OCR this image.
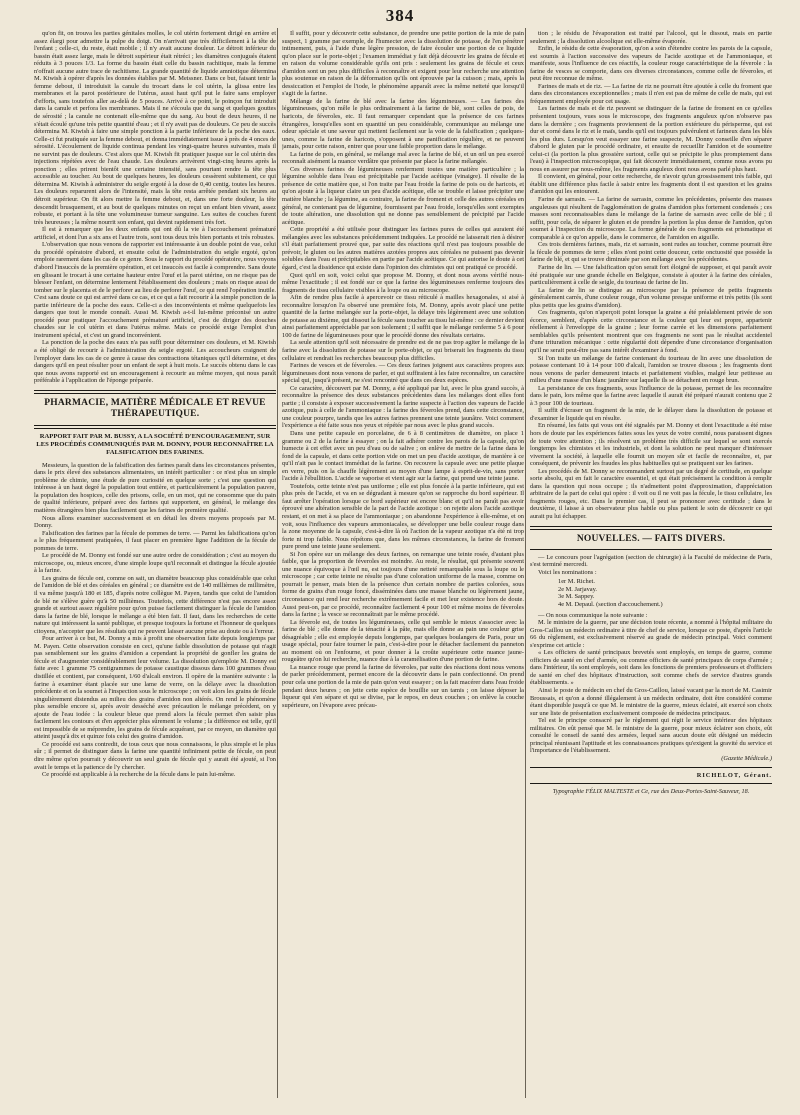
384

qu'on fit, on trouva les parties génitales molles, le col utérin fortement dirigé en arrière et assez élargi pour admettre la pulpe du doigt. On n'arrivait que très difficilement à la tête de l'enfant ; celle-ci, du reste, était mobile ; il n'y avait aucune douleur. Le détroit inférieur du bassin était assez large, mais le détroit supérieur était rétréci ; les diamètres conjugués étaient réduits à 3 pouces 1/3. La forme du bassin était celle du bassin rachitique, mais la femme n'offrait aucune autre trace de rachitisme. La grande quantité de liquide amniotique détermina M. Kiwish à opérer d'après les données établies par M. Meissner. Dans ce but, faisant tenir la femme debout, il introduisit la canule du trocart dans le col utérin, la glissa entre les membranes et la paroi postérieure de l'utérus, aussi haut qu'il put le faire sans employer d'efforts, sans toutefois aller au-delà de 5 pouces. Arrivé à ce point, le poinçon fut introduit dans la canule et perfora les membranes. Mais il ne s'écoula que du sang et quelques gouttes de sérosité ; la canule ne contenait elle-même que du sang. Au bout de deux heures, il ne s'était écoulé qu'une très petite quantité d'eau ; et il n'y avait pas de douleurs. Ce peu de succès détermina M. Kiwish à faire une simple ponction à la partie inférieure de la poche des eaux. Celle-ci fut pratiquée sur la femme debout, et donna immédiatement issue à près de 4 onces de sérosité. L'écoulement de liquide continua pendant les vingt-quatre heures suivantes, mais il ne survint pas de douleurs. C'est alors que M. Kiwish fit pratiquer jusque sur le col utérin des injections répétées avec de l'eau chaude. Les douleurs arrivèrent vingt-cinq heures après la ponction ; elles prirent bientôt une certaine intensité, sans pourtant rendre la tête plus accessible au toucher. Au bout de quelques heures, les douleurs cessèrent subitement, ce qui détermina M. Kiwish à administrer du seigle ergoté à la dose de 0,40 centig. toutes les heures. Les douleurs reparurent alors de l'intensité, mais la tête resta arrêtée pendant six heures au détroit supérieur. On fit alors mettre la femme debout, et, dans une forte douleur, la tête descendit brusquement, et au bout de quelques minutes on reçut un enfant bien vivant, assez robuste, et portant à la tête une volumineuse tumeur sanguine. Les suites de couches furent très heureuses ; la même nourrit son enfant, qui devint rapidement très fort.

Il est à remarquer que les deux enfants qui ont dû la vie à l'accouchement prématuré artificiel, et dont l'un a six ans et l'autre trois, sont tous deux très bien portants et très robustes.

L'observation que nous venons de rapporter est intéressante à un double point de vue, celui du procédé opératoire d'abord, et ensuite celui de l'administration du seigle ergoté, qu'on emploie rarement dans les cas de ce genre. Sous le rapport du procédé opératoire, nous voyons d'abord l'insuccès de la première opération, et cet insuccès est facile à comprendre. Sans doute en glissant le trocart à une certaine hauteur entre l'œuf et la paroi utérine, on ne risque pas de blesser l'enfant, on détermine lentement l'établissement des douleurs ; mais on risque aussi de tomber sur le placenta et de le perforer au lieu de perforer l'œuf, ce qui rend l'opération inutile. C'est sans doute ce qui est arrivé dans ce cas, et ce qui a fait recourir à la simple ponction de la partie inférieure de la poche des eaux. Celle-ci a des inconvénients et même quelquefois les dangers que tout le monde connaît. Aussi M. Kiwish a-t-il lui-même préconisé un autre procédé pour pratiquer l'accouchement prématuré artificiel, c'est de diriger des douches chaudes sur le col utérin et dans l'utérus même. Mais ce procédé exige l'emploi d'un instrument spécial, et c'est un grand inconvénient.

La ponction de la poche des eaux n'a pas suffi pour déterminer ces douleurs, et M. Kiwish a été obligé de recourir à l'administration du seigle ergoté. Les accoucheurs craignent de l'employer dans les cas de ce genre à cause des contractions tétaniques qu'il détermine, et des dangers qu'il en peut résulter pour un enfant de sept à huit mois. Le succès obtenu dans le cas que nous avons rapporté est un encouragement à recourir au même moyen, qui nous paraît préférable à l'application de l'éponge préparée.

PHARMACIE, MATIÈRE MÉDICALE ET REVUE THÉRAPEUTIQUE.
RAPPORT FAIT PAR M. BUSSY, A LA SOCIÉTÉ D'ENCOURAGEMENT, SUR LES PROCÉDÉS COMMUNIQUÉS PAR M. DONNY, POUR RECONNAÎTRE LA FALSIFICATION DES FARINES.

Messieurs, la question de la falsification des farines paraît dans les circonstances présentes, dans le prix élevé des substances alimentaires, un intérêt particulier : ce n'est plus un simple problème de chimie, une étude de pure curiosité en quelque sorte ; c'est une question qui intéresse à un haut degré la population tout entière, et particulièrement la population pauvre, la population des hospices, celle des prisons, celle, en un mot, qui ne consomme que du pain de qualité inférieure, préparé avec des farines qui supportent, en général, le mélange des matières étrangères bien plus facilement que les farines de première qualité.

Nous allons examiner successivement et en détail les divers moyens proposés par M. Donny.

Falsification des farines par la fécule de pommes de terre. — Parmi les falsifications qu'on a le plus fréquemment pratiquées, il faut placer en première ligne l'addition de la fécule de pommes de terre.

Le procédé de M. Donny est fondé sur une autre ordre de considération ; c'est au moyen du microscope, ou, mieux encore, d'une simple loupe qu'il reconnaît et distingue la fécule ajoutée à la farine.

Les grains de fécule ont, comme on sait, un diamètre beaucoup plus considérable que celui de l'amidon de blé et des céréales en général ; ce diamètre est de 140 millièmes de millimètre, il va même jusqu'à 180 et 185, d'après notre collègue M. Payen, tandis que celui de l'amidon de blé ne s'élève guère qu'à 50 millièmes. Toutefois, cette différence n'est pas encore assez grande et surtout assez régulière pour qu'on puisse facilement distinguer la fécule de l'amidon dans la farine de blé, lorsque le mélange a été bien fait. Il faut, dans les recherches de cette nature qui intéressent la santé publique, et presque toujours la fortune et l'honneur de quelques citoyens, n'accepter que les résultats qui ne peuvent laisser aucune prise au doute ou à l'erreur.

Pour arriver à ce but, M. Donny a mis à profit une observation faite depuis longtemps par M. Payen. Cette observation consiste en ceci, qu'une faible dissolution de potasse qui n'agit pas sensiblement sur les grains d'amidon a cependant la propriété de gonfler les grains de fécule et d'augmenter considérablement leur volume. La dissolution qu'emploie M. Donny est faite avec 1 gramme 75 centigrammes de potasse caustique dissous dans 100 grammes d'eau distillée et contient, par conséquent, 1/60 d'alcali environ. Il opère de la manière suivante : la farine à examiner étant placée sur une lame de verre, on la délaye avec la dissolution précédente et on la soumet à l'inspection sous le microscope ; on voit alors les grains de fécule singulièrement distendus au milieu des grains d'amidon non altérés. On rend le phénomène plus sensible encore si, après avoir desséché avec précaution le mélange précédent, on y ajoute de l'eau iodée : la couleur bleue que prend alors la fécule permet d'en saisir plus facilement les contours et d'en apprécier plus sûrement le volume ; la différence est telle, qu'il est impossible de se méprendre, les grains de fécule acquérant, par ce moyen, un diamètre qui atteint jusqu'à dix et quinze fois celui des grains d'amidon.

Ce procédé est sans contredit, de tous ceux que nous connaissons, le plus simple et le plus sûr ; il permet de distinguer dans la farine une quantité infiniment petite de fécule, on peut dire même qu'on pourrait y découvrir un seul grain de fécule qui y aurait été ajouté, si l'on avait le temps et la patience de l'y chercher.

Ce procédé est applicable à la recherche de la fécule dans le pain lui-même.

Il suffit, pour y découvrir cette substance, de prendre une petite portion de la mie de pain suspect, 1 gramme par exemple, de l'humecter avec la dissolution de potasse, de l'en pénétrer intimement, puis, à l'aide d'une légère pression, de faire écouler une portion de ce liquide qu'on place sur le porte-objet ; l'examen immédiat y fait déjà découvrir les grains de fécule et en raison du volume considérable qu'ils ont pris : seulement les grains de fécule et ceux d'amidon sont un peu plus difficiles à reconnaître et exigent pour leur recherche une attention plus soutenue en raison de la déformation qu'ils ont éprouvée par la cuisson ; mais, après la dessiccation et l'emploi de l'iode, le phénomène apparaît avec la même netteté que lorsqu'il s'agit de la farine.

Mélange de la farine de blé avec la farine des légumineuses. — Les farines des légumineuses, qu'on mêle le plus ordinairement à la farine de blé, sont celles de pois, de haricots, de féveroles, etc. Il faut remarquer cependant que la présence de ces farines étrangères, lorsqu'elles sont en quantité un peu considérable, communique au mélange une odeur spéciale et une saveur qui mettent facilement sur la voie de la falsification ; quelques-unes, comme la farine de haricots, s'opposent à une panification régulière, et ne peuvent jamais, pour cette raison, entrer que pour une faible proportion dans le mélange.

La farine de pois, en général, se mélange mal avec la farine de blé, et un œil un peu exercé reconnaît aisément la nuance verdâtre que présente par place la farine mélangée.

Ces diverses farines de légumineuses renferment toutes une matière particulière ; la légumine soluble dans l'eau est précipitable par l'acide acétique (vinaigre). Il résulte de la présence de cette matière que, si l'on traite par l'eau froide la farine de pois ou de haricots, et qu'on ajoute à la liqueur claire un peu d'acide acétique, elle se trouble et laisse précipiter une matière blanche ; la légumine, au contraire, la farine de froment et celle des autres céréales en général, ne contenant pas de légumine, fournissent par l'eau froide, lorsqu'elles sont exemptes de toute altération, une dissolution qui ne donne pas sensiblement de précipité par l'acide acétique.

Cette propriété a été utilisée pour distinguer les farines pures de celles qui auraient été mélangées avec les substances précédemment indiquées. Le procédé ne laisserait rien à désirer s'il était parfaitement prouvé que, par suite des réactions qu'il n'est pas toujours possible de prévoir, le gluten ou les autres matières azotées propres aux céréales ne puissent pas devenir solubles dans l'eau et précipitables en partie par l'acide acétique. Ce qui autorise le doute à cet égard, c'est la dissidence qui existe dans l'opinion des chimistes qui ont pratiqué ce procédé.

Quoi qu'il en soit, voici celui que propose M. Donny, et dont nous avons vérifié nous-même l'exactitude ; il est fondé sur ce que la farine des légumineuses renferme toujours des fragments de tissu cellulaire visibles à la loupe ou au microscope.

Afin de rendre plus facile à apercevoir ce tissu réticulé à mailles hexagonales, si aisé à reconnaître lorsqu'on l'a observé une première fois, M. Donny, après avoir placé une petite quantité de la farine mélangée sur la porte-objet, la délaye très légèrement avec une solution de potasse au dixième, qui dissout la fécule sans toucher au tissu lui-même : ce dernier devient ainsi parfaitement appréciable par son isolement ; il suffit que le mélange renferme 5 à 6 pour 100 de farine de légumineuses pour que le procédé donne des résultats certains.

La seule attention qu'il soit nécessaire de prendre est de ne pas trop agiter le mélange de la farine avec la dissolution de potasse sur le porte-objet, ce qui briserait les fragments du tissu cellulaire et rendrait les recherches beaucoup plus difficiles.

Farines de vesces et de féveroles. — Ces deux farines joignent aux caractères propres aux légumineuses dont nous venons de parler, et qui suffiraient à les faire reconnaître, un caractère spécial qui, jusqu'à présent, ne s'est rencontré que dans ces deux espèces.

Ce caractère, découvert par M. Donny, a été appliqué par lui, avec le plus grand succès, à reconnaître la présence des deux substances précédentes dans les mélanges dont elles font partie ; il consiste à exposer successivement la farine suspecte à l'action des vapeurs de l'acide azotique, puis à celle de l'ammoniaque : la farine des féveroles prend, dans cette circonstance, une couleur pourpre, tandis que les autres farines prennent une teinte jaunâtre. Voici comment l'expérience a été faite sous nos yeux et répétée par nous avec le plus grand succès.

Dans une petite capsule en porcelaine, de 6 à 8 centimètres de diamètre, on place 1 gramme ou 2 de la farine à essayer ; on la fait adhérer contre les parois de la capsule, qu'on humecte à cet effet avec un peu d'eau ou de salive ; on enlève de mettre de la farine dans le fond de la capsule, et dans cette portion vide on met un peu d'acide azotique, de manière à ce qu'il n'ait pas le contact immédiat de la farine. On recouvre la capsule avec une petite plaque en verre, puis on la chauffe légèrement au moyen d'une lampe à esprit-de-vin, sans porter l'acide à l'ébullition. L'acide se vaporise et vient agir sur la farine, qui prend une teinte jaune.

Toutefois, cette teinte n'est pas uniforme ; elle est plus foncée à la partie inférieure, qui est plus près de l'acide, et va en se dégradant à mesure qu'on se rapproche du bord supérieur. Il faut arrêter l'opération lorsque ce bord supérieur est encore blanc et qu'il ne paraît pas avoir éprouvé une altération sensible de la part de l'acide azotique : on rejette alors l'acide azotique restant, et on met à sa place de l'ammoniaque ; on abandonne l'expérience à elle-même, et on voit, sous l'influence des vapeurs ammoniacales, se développer une belle couleur rouge dans la zone moyenne de la capsule, c'est-à-dire là où l'action de la vapeur azotique n'a été ni trop forte ni trop faible. Nous répétons que, dans les mêmes circonstances, la farine de froment pure prend une teinte jaune seulement.

Si l'on opère sur un mélange des deux farines, on remarque une teinte rosée, d'autant plus faible, que la proportion de féveroles est moindre. Au reste, le résultat, qui présente souvent une nuance équivoque à l'œil nu, est toujours d'une netteté remarquable sous la loupe ou le microscope ; car cette teinte ne résulte pas d'une coloration uniforme de la masse, comme on pourrait le penser, mais bien de la présence d'un certain nombre de parties colorées, sous forme de grains d'un rouge foncé, disséminées dans une masse blanche ou légèrement jaune, circonstance qui rend leur recherche extrêmement facile et met leur existence hors de doute. Aussi peut-on, par ce procédé, reconnaître facilement 4 pour 100 et même moins de féveroles dans la farine ; la vesce se reconnaîtrait par le même procédé.

La féverole est, de toutes les légumineuses, celle qui semble le mieux s'associer avec la farine de blé ; elle donne de la ténacité à la pâte, mais elle donne au pain une couleur grise désagréable ; elle est employée depuis longtemps, par quelques boulangers de Paris, pour un usage spécial, pour faire tourner le pain, c'est-à-dire pour le détacher facilement du panneton au moment où on l'enfourne, et pour donner à la croûte supérieure cette nuance jaune-rougeâtre qu'on lui recherche, nuance due à la caramélisation d'une portion de farine.

La nuance rouge que prend la farine de féveroles, par suite des réactions dont nous venons de parler précédemment, permet encore de la découvrir dans le pain confectionné. On prend pour cela une portion de la mie de pain qu'on veut essayer ; on la fait macérer dans l'eau froide pendant deux heures ; on jette cette espèce de bouillie sur un tamis ; on laisse déposer la liqueur qui s'en sépare et qui se divise, par le repos, en deux couches ; on enlève la couche supérieure, on l'évapore avec précau-

tion ; le résidu de l'évaporation est traité par l'alcool, qui le dissout, mais en partie seulement ; la dissolution alcoolique est elle-même évaporée.

Enfin, le résidu de cette évaporation, qu'on a soin d'étendre contre les parois de la capsule, est soumis à l'action successive des vapeurs de l'acide azotique et de l'ammoniaque, et manifeste, sous l'influence de ces réactifs, la couleur rouge caractéristique de la féverole : la farine de vesces se comporte, dans ces diverses circonstances, comme celle de féveroles, et peut être reconnue de même.

Farines de maïs et de riz. — La farine de riz ne pourrait être ajoutée à celle du froment que dans des circonstances exceptionnelles ; mais il n'en est pas de même de celle de maïs, qui est fréquemment employée pour cet usage.

Les farines de maïs et de riz peuvent se distinguer de la farine de froment en ce qu'elles présentent toujours, vues sous le microscope, des fragments anguleux qu'on n'observe pas dans la dernière ; ces fragments proviennent de la portion extérieure du périsperme, qui est dur et corné dans le riz et le maïs, tandis qu'il est toujours pulvérulent et farineux dans les blés les plus durs. Lorsqu'on veut essayer une farine suspecte, M. Donny conseille d'en séparer d'abord le gluten par le procédé ordinaire, et ensuite de recueillir l'amidon et de soumettre celui-ci (la portion la plus grossière surtout, celle qui se précipite le plus promptement dans l'eau) à l'inspection microscopique, qui fait découvrir immédiatement, comme nous avons pu nous en assurer par nous-même, les fragments anguleux dont nous avons parlé plus haut.

Il convient, en général, pour cette recherche, de n'avoir qu'un grossissement très faible, qui établit une différence plus facile à saisir entre les fragments dont il est question et les grains d'amidon qui les entourent.

Farine de sarrasin. — La farine de sarrasin, comme les précédentes, présente des masses anguleuses qui résultent de l'agglomération de grains d'amidon plus fortement condensés ; ces masses sont reconnaissables dans le mélange de la farine de sarrasin avec celle de blé ; il suffit, pour cela, de séparer le gluten et de prendre la portion la plus dense de l'amidon, qu'on soumet à l'inspection du microscope. La forme générale de ces fragments est prismatique et comparable à ce qu'on appelle, dans le commerce, de l'amidon en aiguille.

Ces trois dernières farines, maïs, riz et sarrasin, sont rudes au toucher, comme pourrait être la fécule de pommes de terre ; elles n'ont point cette douceur, cette onctuosité que possède la farine de blé, et qui se trouve diminuée par son mélange avec les précédentes.

Farine de lin. — Une falsification qu'on serait fort éloigné de supposer, et qui paraît avoir été pratiquée sur une grande échelle en Belgique, consiste à ajouter à la farine des céréales, particulièrement à celle de seigle, du tourteau de farine de lin.

La farine de lin se distingue au microscope par la présence de petits fragments généralement carrés, d'une couleur rouge, d'un volume presque uniforme et très petits (ils sont plus petits que les grains d'amidon).

Ces fragments, qu'on n'aperçoit point lorsque la graine a été préalablement privée de son écorce, semblent, d'après cette circonstance et la couleur qui leur est propre, appartenir réellement à l'enveloppe de la graine ; leur forme carrée et les dimensions parfaitement semblables qu'ils présentent montrent que ces fragments ne sont pas le résultat accidentel d'une trituration mécanique : cette régularité doit dépendre d'une circonstance d'organisation qu'il ne serait peut-être pas sans intérêt d'examiner à fond.

Si l'on traite un mélange de farine contenant du tourteau de lin avec une dissolution de potasse contenant 10 à 14 pour 100 d'alcali, l'amidon se trouve dissous ; les fragments dont nous venons de parler demeurent intacts et parfaitement visibles, malgré leur petitesse au milieu d'une masse d'un blanc jaunâtre sur laquelle ils se détachent en rouge brun.

La persistance de ces fragments, sous l'influence de la potasse, permet de les reconnaître dans le pain, lors même que la farine avec laquelle il aurait été préparé n'aurait contenu que 2 à 3 pour 100 de tourteau.

Il suffit d'écraser un fragment de la mie, de le délayer dans la dissolution de potasse et d'examiner le liquide qui en résulte.

En résumé, les faits qui vous ont été signalés par M. Donny et dont l'exactitude a été mise hors de doute par les expériences faites sous les yeux de votre comité, nous paraissent dignes de toute votre attention ; ils résolvent un problème très difficile sur lequel se sont exercés longtemps les chimistes et les industriels, et dont la solution ne peut manquer d'intéresser vivement la société, à laquelle elle fournit un moyen sûr et facile de reconnaître, et, par conséquent, de prévenir les fraudes les plus habituelles qui se pratiquent sur les farines.

Les procédés de M. Donny se recommandent surtout par un degré de certitude, en quelque sorte absolu, qui en fait le caractère essentiel, et qui était précisément la condition à remplir dans la question qui nous occupe ; ils n'admettent point d'approximation, d'appréciation arbitraire de la part de celui qui opère : il voit ou il ne voit pas la fécule, le tissu cellulaire, les fragments rouges, etc. Dans le premier cas, il peut se prononcer avec certitude ; dans le deuxième, il laisse à un observateur plus habile ou plus patient le soin de découvrir ce qui aurait pu lui échapper.

NOUVELLES. — FAITS DIVERS.

— Le concours pour l'agrégation (section de chirurgie) à la Faculté de médecine de Paris, s'est terminé mercredi.

Voici les nominations :

1er M. Richet.
2e M. Jarjavay.
3e M. Sappey.
4e M. Depaul. (section d'accouchement.)

— On nous communique la note suivante :

M. le ministre de la guerre, par une décision toute récente, a nommé à l'hôpital militaire du Gros-Caillou un médecin ordinaire à titre de chef de service, lorsque ce poste, d'après l'article 66 du règlement, est exclusivement réservé au grade de médecin principal. Voici comment s'exprime cet article :

« Les officiers de santé principaux brevetés sont employés, en temps de guerre, comme officiers de santé en chef d'armée, ou comme officiers de santé principaux de corps d'armée ; dans l'intérieur, ils sont employés, soit dans les fonctions de premiers professeurs et d'officiers de santé en chef des hôpitaux d'instruction, soit comme chefs de service d'autres grands établissements. »

Ainsi le poste de médecin en chef du Gros-Caillou, laissé vacant par la mort de M. Casimir Broussais, et qu'on a donné illégalement à un médecin ordinaire, doit être considéré comme étant disponible jusqu'à ce que M. le ministre de la guerre, mieux éclairé, ait exercé son choix sur une liste de présentation exclusivement composée de médecins principaux.

Tel est le principe consacré par le règlement qui régit le service intérieur des hôpitaux militaires. On eût pensé que M. le ministre de la guerre, pour mieux éclairer son choix, eût consulté le conseil de santé des armées, lequel sans aucun doute eût désigné un médecin principal réunissant l'aptitude et les connaissances pratiques qu'exigent la gravité du service et l'importance de l'établissement.

(Gazette Médicale.)
RICHELOT, Gérant.
Typographie FÉLIX MALTESTE et Ce, rue des Deux-Portes-Saint-Sauveur, 18.
